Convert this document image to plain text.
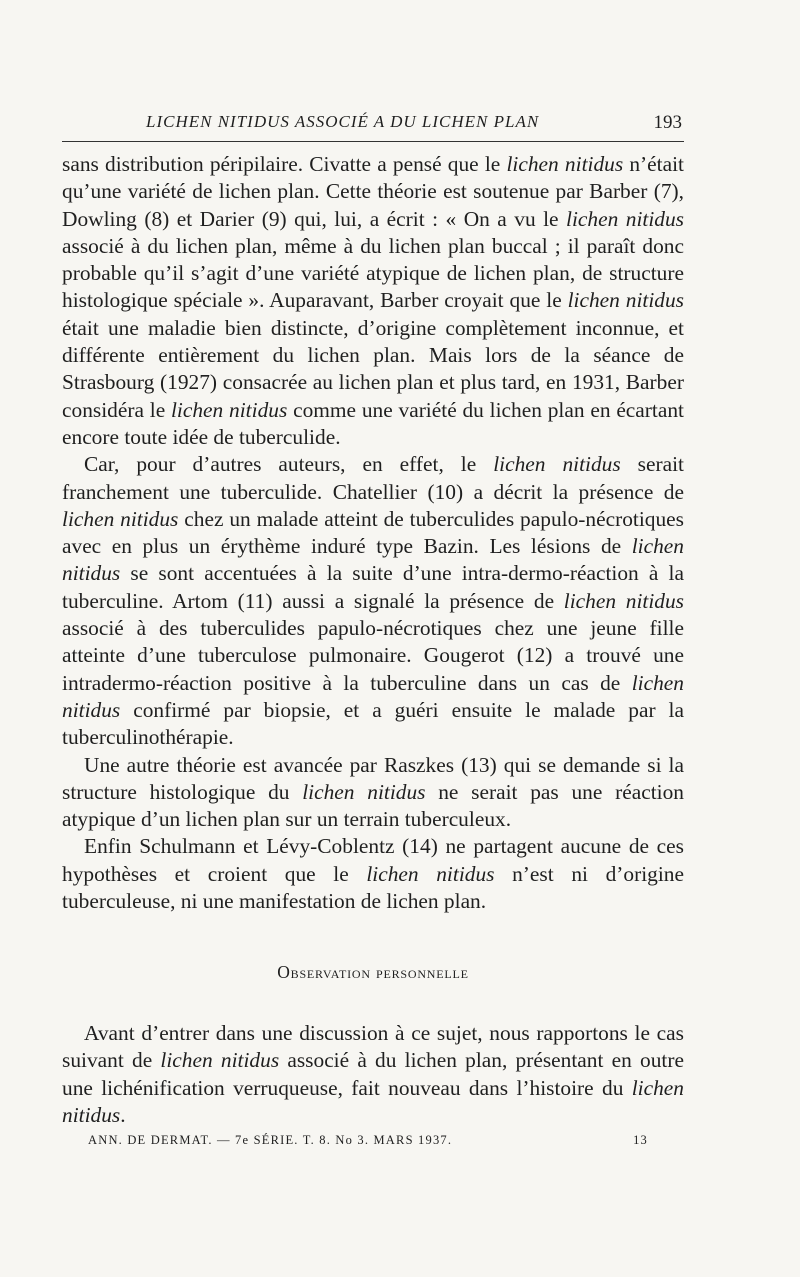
LICHEN NITIDUS ASSOCIÉ A DU LICHEN PLAN	193

sans distribution péripilaire. Civatte a pensé que le lichen nitidus n’était qu’une variété de lichen plan. Cette théorie est soutenue par Barber (7), Dowling (8) et Darier (9) qui, lui, a écrit : « On a vu le lichen nitidus associé à du lichen plan, même à du lichen plan buccal ; il paraît donc probable qu’il s’agit d’une variété atypique de lichen plan, de structure histologique spéciale ». Auparavant, Barber croyait que le lichen nitidus était une maladie bien distincte, d’origine complètement inconnue, et différente entièrement du lichen plan. Mais lors de la séance de Strasbourg (1927) consacrée au lichen plan et plus tard, en 1931, Barber considéra le lichen nitidus comme une variété du lichen plan en écartant encore toute idée de tuberculide.

Car, pour d’autres auteurs, en effet, le lichen nitidus serait franchement une tuberculide. Chatellier (10) a décrit la présence de lichen nitidus chez un malade atteint de tuberculides papulo-nécrotiques avec en plus un érythème induré type Bazin. Les lésions de lichen nitidus se sont accentuées à la suite d’une intra-dermo-réaction à la tuberculine. Artom (11) aussi a signalé la présence de lichen nitidus associé à des tuberculides papulo-nécrotiques chez une jeune fille atteinte d’une tuberculose pulmonaire. Gougerot (12) a trouvé une intradermo-réaction positive à la tuberculine dans un cas de lichen nitidus confirmé par biopsie, et a guéri ensuite le malade par la tuberculinothérapie.

Une autre théorie est avancée par Raszkes (13) qui se demande si la structure histologique du lichen nitidus ne serait pas une réaction atypique d’un lichen plan sur un terrain tuberculeux.

Enfin Schulmann et Lévy-Coblentz (14) ne partagent aucune de ces hypothèses et croient que le lichen nitidus n’est ni d’origine tuberculeuse, ni une manifestation de lichen plan.

Observation personnelle

Avant d’entrer dans une discussion à ce sujet, nous rapportons le cas suivant de lichen nitidus associé à du lichen plan, présentant en outre une lichénification verruqueuse, fait nouveau dans l’histoire du lichen nitidus.

ANN. DE DERMAT. — 7e SÉRIE. T. 8. No 3. MARS 1937.	13
